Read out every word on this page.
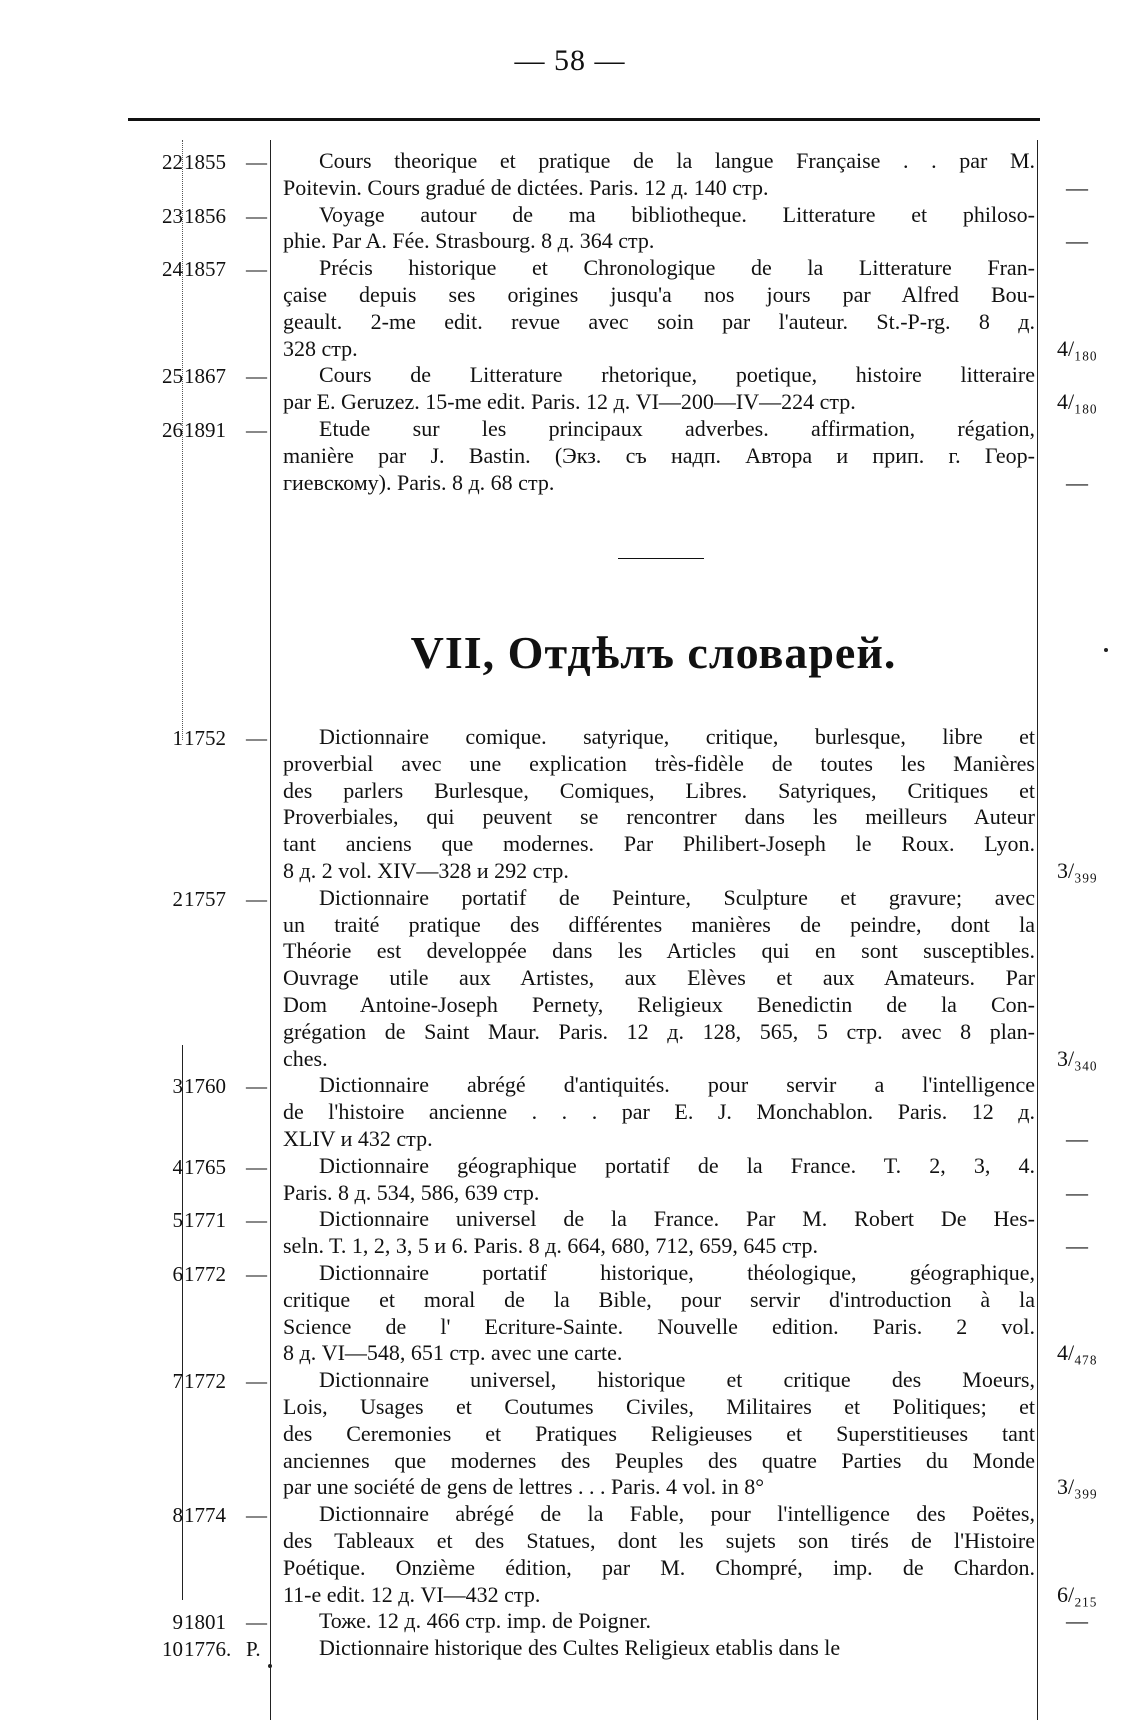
— 58 —
22 1855 —	Cours theorique et pratique de la langue Française . . par M.
Poitevin. Cours gradué de dictées. Paris. 12 д. 140 стр.	—
23 1856 —	Voyage autour de ma bibliotheque. Litterature et philoso-
phie. Par A. Fée. Strasbourg. 8 д. 364 стр.	—
24 1857 —	Précis historique et Chronologique de la Litterature Fran-
çaise depuis ses origines jusqu'a nos jours par Alfred Bou-
geault. 2-me edit. revue avec soin par l'auteur. St.-P-rg. 8 д.
328 стр.	4/₁₈₀
25 1867 —	Cours de Litterature rhetorique, poetique, histoire litteraire
par E. Geruzez. 15-me edit. Paris. 12 д. VI—200—IV—224 стр.	4/₁₈₀
26 1891 —	Etude sur les principaux adverbes. affirmation, régation,
manière par J. Bastin. (Экз. съ надп. Автора и прип. г. Геор-
гиевскому). Paris. 8 д. 68 стр.	—
VII, Отдѣлъ словарей.
1 1752 —	Dictionnaire comique. satyrique, critique, burlesque, libre et
proverbial avec une explication très-fidèle de toutes les Manières
des parlers Burlesque, Comiques, Libres. Satyriques, Critiques et
Proverbiales, qui peuvent se rencontrer dans les meilleurs Auteur
tant anciens que modernes. Par Philibert-Joseph le Roux. Lyon.
8 д. 2 vol. XIV—328 и 292 стр.	3/₃₉₉
2 1757 —	Dictionnaire portatif de Peinture, Sculpture et gravure; avec
un traité pratique des différentes manières de peindre, dont la
Théorie est developpée dans les Articles qui en sont susceptibles.
Ouvrage utile aux Artistes, aux Elèves et aux Amateurs. Par
Dom Antoine-Joseph Pernety, Religieux Benedictin de la Con-
grégation de Saint Maur. Paris. 12 д. 128, 565, 5 стр. avec 8 plan-
ches.	3/₃₄₀
3 1760 —	Dictionnaire abrégé d'antiquités. pour servir a l'intelligence
de l'histoire ancienne . . . par E. J. Monchablon. Paris. 12 д.
XLIV и 432 стр.	—
4 1765 —	Dictionnaire géographique portatif de la France. T. 2, 3, 4.
Paris. 8 д. 534, 586, 639 стр.	—
5 1771 —	Dictionnaire universel de la France. Par M. Robert De Hes-
seln. T. 1, 2, 3, 5 и 6. Paris. 8 д. 664, 680, 712, 659, 645 стр.	—
6 1772 —	Dictionnaire portatif historique, théologique, géographique,
critique et moral de la Bible, pour servir d'introduction à la
Science de l' Ecriture-Sainte. Nouvelle edition. Paris. 2 vol.
8 д. VI—548, 651 стр. avec une carte.	4/₄₇₈
7 1772 —	Dictionnaire universel, historique et critique des Moeurs,
Lois, Usages et Coutumes Civiles, Militaires et Politiques; et
des Ceremonies et Pratiques Religieuses et Superstitieuses tant
anciennes que modernes des Peuples des quatre Parties du Monde
par une société de gens de lettres . . . Paris. 4 vol. in 8°	3/₃₉₉
8 1774 —	Dictionnaire abrégé de la Fable, pour l'intelligence des Poëtes,
des Tableaux et des Statues, dont les sujets son tirés de l'Histoire
Poétique. Onzième édition, par M. Chompré, imp. de Chardon.
11-e edit. 12 д. VI—432 стр.	6/₂₁₅
9 1801 —	Тоже. 12 д. 466 стр. imp. de Poigner.	—
10 1776. P.	Dictionnaire historique des Cultes Religieux etablis dans le
